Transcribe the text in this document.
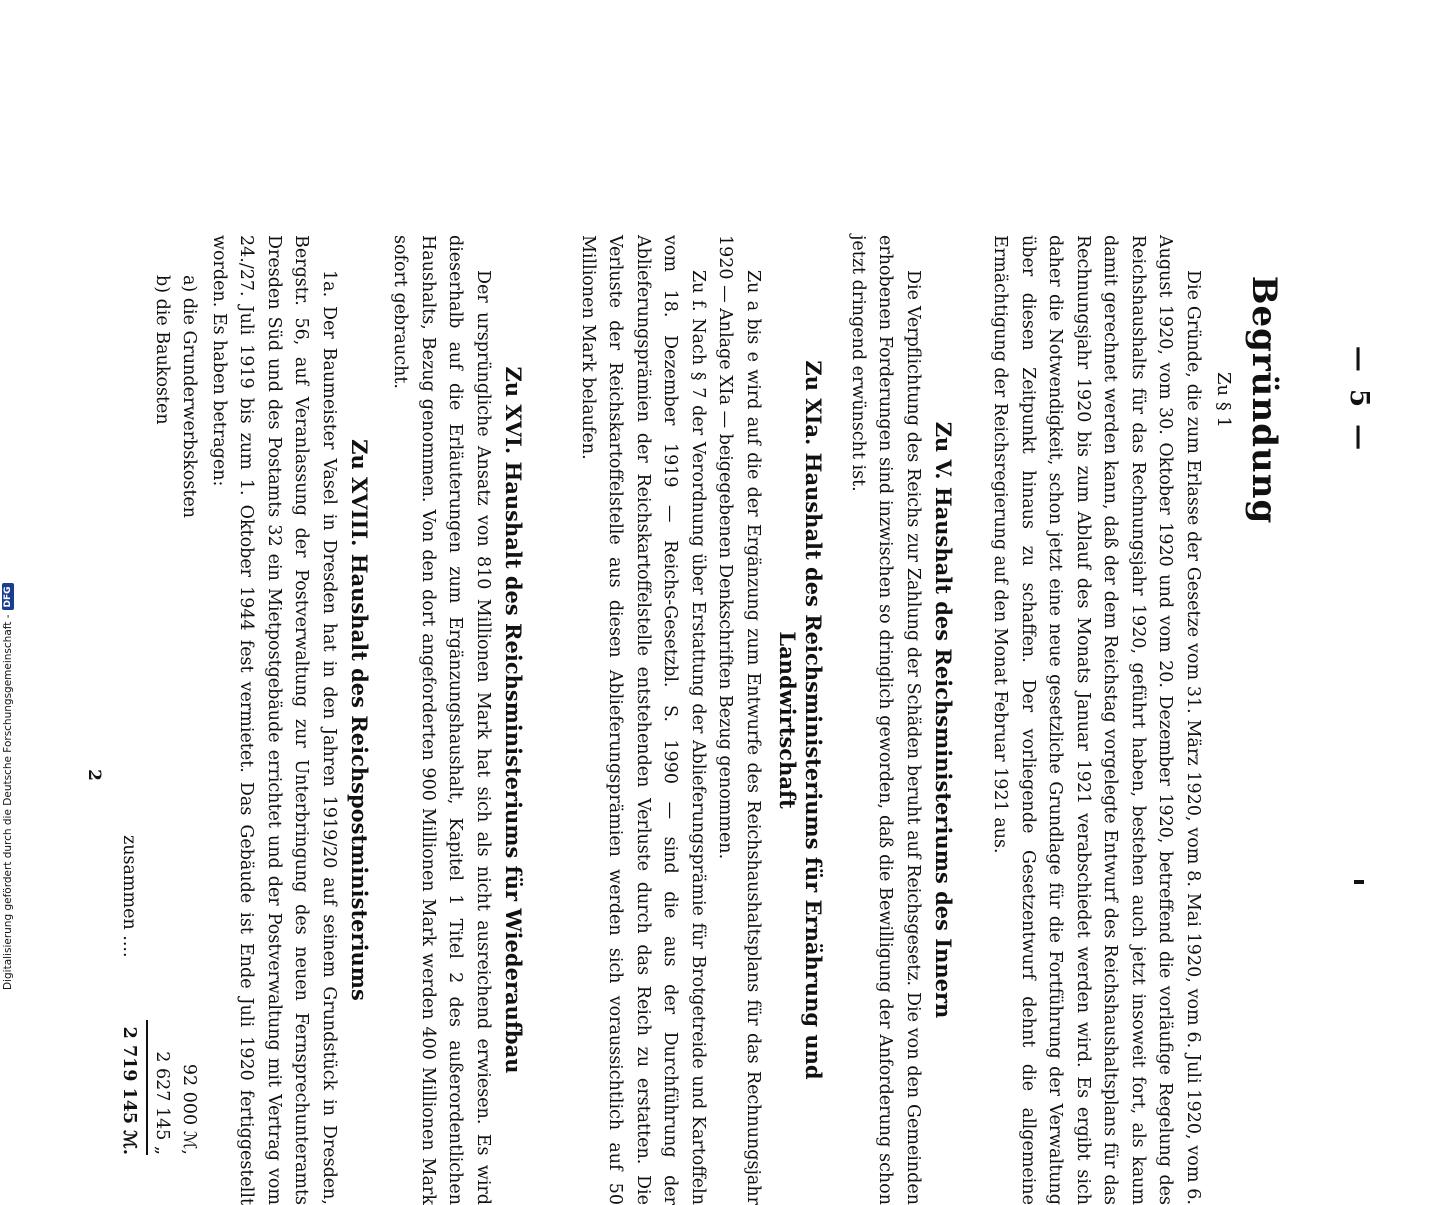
— 5 —
Begründung
Zu § 1

Die Gründe, die zum Erlasse der Gesetze vom 31. März 1920, vom 8. Mai 1920, vom 6. Juli 1920, vom 6. August 1920, vom 30. Oktober 1920 und vom 20. Dezember 1920, betreffend die vorläufige Regelung des Reichshaushalts für das Rechnungsjahr 1920, geführt haben, bestehen auch jetzt insoweit fort, als kaum damit gerechnet werden kann, daß der dem Reichstag vorgelegte Entwurf des Reichshaushaltsplans für das Rechnungsjahr 1920 bis zum Ablauf des Monats Januar 1921 verabschiedet werden wird. Es ergibt sich daher die Notwendigkeit, schon jetzt eine neue gesetzliche Grundlage für die Fortführung der Verwaltung über diesen Zeitpunkt hinaus zu schaffen. Der vorliegende Gesetzentwurf dehnt die allgemeine Ermächtigung der Reichsregierung auf den Monat Februar 1921 aus.

Zu V. Haushalt des Reichsministeriums des Innern

Die Verpflichtung des Reichs zur Zahlung der Schäden beruht auf Reichsgesetz. Die von den Gemeinden erhobenen Forderungen sind inzwischen so dringlich geworden, daß die Bewilligung der Anforderung schon jetzt dringend erwünscht ist.

Zu XIa. Haushalt des Reichsministeriums für Ernährung und
Landwirtschaft

Zu a bis e wird auf die der Ergänzung zum Entwurfe des Reichshaushaltsplans für das Rechnungsjahr 1920 — Anlage XIa — beigegebenen Denkschriften Bezug genommen.

Zu f. Nach § 7 der Verordnung über Erstattung der Ablieferungsprämie für Brotgetreide und Kartoffeln vom 18. Dezember 1919 — Reichs-Gesetzbl. S. 1990 — sind die aus der Durchführung der Ablieferungsprämien der Reichskartoffelstelle entstehenden Verluste durch das Reich zu erstatten. Die Verluste der Reichskartoffelstelle aus diesen Ablieferungsprämien werden sich voraussichtlich auf 50 Millionen Mark belaufen.

Zu XVI. Haushalt des Reichsministeriums für Wiederaufbau

Der ursprüngliche Ansatz von 810 Millionen Mark hat sich als nicht ausreichend erwiesen. Es wird dieserhalb auf die Erläuterungen zum Ergänzungshaushalt, Kapitel 1 Titel 2 des außerordentlichen Haushalts, Bezug genommen. Von den dort angeforderten 900 Millionen Mark werden 400 Millionen Mark sofort gebraucht.

Zu XVIII. Haushalt des Reichspostministeriums

1a. Der Baumeister Vasel in Dresden hat in den Jahren 1919/20 auf seinem Grundstück in Dresden, Bergstr. 56, auf Veranlassung der Postverwaltung zur Unterbringung des neuen Fernsprechunteramts Dresden Süd und des Postamts 32 ein Mietpostgebäude errichtet und der Postverwaltung mit Vertrag vom 24./27. Juli 1919 bis zum 1. Oktober 1944 fest vermietet. Das Gebäude ist Ende Juli 1920 fertiggestellt worden. Es haben betragen:

a) die Grunderwerbskosten
92 000 ℳ,
b) die Baukosten
2 627 145 „
zusammen ....
2 719 145 ℳ.
2
Digitalisierung gefördert durch die Deutsche Forschungsgemeinschaft -
DFG
